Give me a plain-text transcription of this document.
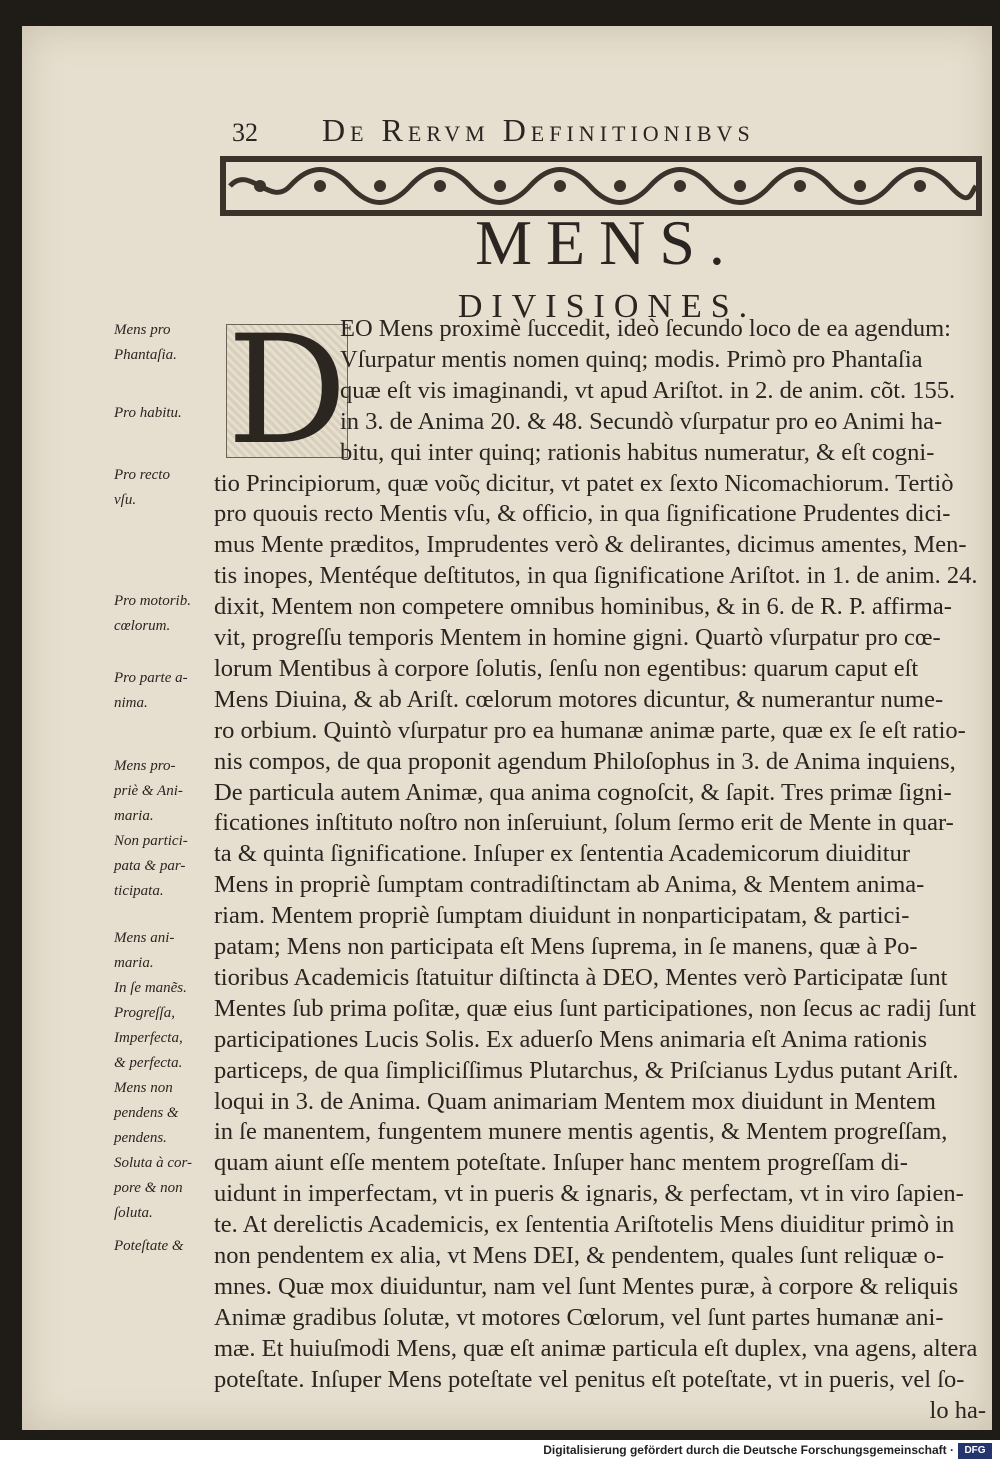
32 De Rervm Definitionibvs
MENS.
DIVISIONES.
D
EO Mens proximè ſuccedit, ideò ſecundo loco de ea agendum:
Vſurpatur mentis nomen quinq; modis. Primò pro Phantaſia
quæ eſt vis imaginandi, vt apud Ariſtot. in 2. de anim. cõt. 155.
in 3. de Anima 20. & 48. Secundò vſurpatur pro eo Animi ha-
bitu, qui inter quinq; rationis habitus numeratur, & eſt cogni-
tio Principiorum, quæ νοῦς dicitur, vt patet ex ſexto Nicomachiorum. Tertiò
pro quouis recto Mentis vſu, & officio, in qua ſignificatione Prudentes dici-
mus Mente præditos, Imprudentes verò & delirantes, dicimus amentes, Men-
tis inopes, Mentéque deſtitutos, in qua ſignificatione Ariſtot. in 1. de anim. 24.
dixit, Mentem non competere omnibus hominibus, & in 6. de R. P. affirma-
vit, progreſſu temporis Mentem in homine gigni. Quartò vſurpatur pro cœ-
lorum Mentibus à corpore ſolutis, ſenſu non egentibus: quarum caput eſt
Mens Diuina, & ab Ariſt. cœlorum motores dicuntur, & numerantur nume-
ro orbium. Quintò vſurpatur pro ea humanæ animæ parte, quæ ex ſe eſt ratio-
nis compos, de qua proponit agendum Philoſophus in 3. de Anima inquiens,
De particula autem Animæ, qua anima cognoſcit, & ſapit. Tres primæ ſigni-
ficationes inſtituto noſtro non inſeruiunt, ſolum ſermo erit de Mente in quar-
ta & quinta ſignificatione. Inſuper ex ſententia Academicorum diuiditur
Mens in propriè ſumptam contradiſtinctam ab Anima, & Mentem anima-
riam. Mentem propriè ſumptam diuidunt in nonparticipatam, & partici-
patam; Mens non participata eſt Mens ſuprema, in ſe manens, quæ à Po-
tioribus Academicis ſtatuitur diſtincta à DEO, Mentes verò Participatæ ſunt
Mentes ſub prima poſitæ, quæ eius ſunt participationes, non ſecus ac radij ſunt
participationes Lucis Solis. Ex aduerſo Mens animaria eſt Anima rationis
particeps, de qua ſimpliciſſimus Plutarchus, & Priſcianus Lydus putant Ariſt.
loqui in 3. de Anima. Quam animariam Mentem mox diuidunt in Mentem
in ſe manentem, fungentem munere mentis agentis, & Mentem progreſſam,
quam aiunt eſſe mentem poteſtate. Inſuper hanc mentem progreſſam di-
uidunt in imperfectam, vt in pueris & ignaris, & perfectam, vt in viro ſapien-
te. At derelictis Academicis, ex ſententia Ariſtotelis Mens diuiditur primò in
non pendentem ex alia, vt Mens DEI, & pendentem, quales ſunt reliquæ o-
mnes. Quæ mox diuiduntur, nam vel ſunt Mentes puræ, à corpore & reliquis
Animæ gradibus ſolutæ, vt motores Cœlorum, vel ſunt partes humanæ ani-
mæ. Et huiuſmodi Mens, quæ eſt animæ particula eſt duplex, vna agens, altera
poteſtate. Inſuper Mens poteſtate vel penitus eſt poteſtate, vt in pueris, vel ſo-
lo ha-
Mens pro
Phantaſia.
Pro habitu.
Pro recto
vſu.
Pro motorib.
cœlorum.
Pro parte a-
nima.
Mens pro-
priè & Ani-
maria.
Non partici-
pata & par-
ticipata.
Mens ani-
maria.
In ſe manẽs.
Progreſſa,
Imperfecta,
& perfecta.
Mens non
pendens &
pendens.
Soluta à cor-
pore & non
ſoluta.
Poteſtate &
Digitalisierung gefördert durch die Deutsche Forschungsgemeinschaft ·	DFG
